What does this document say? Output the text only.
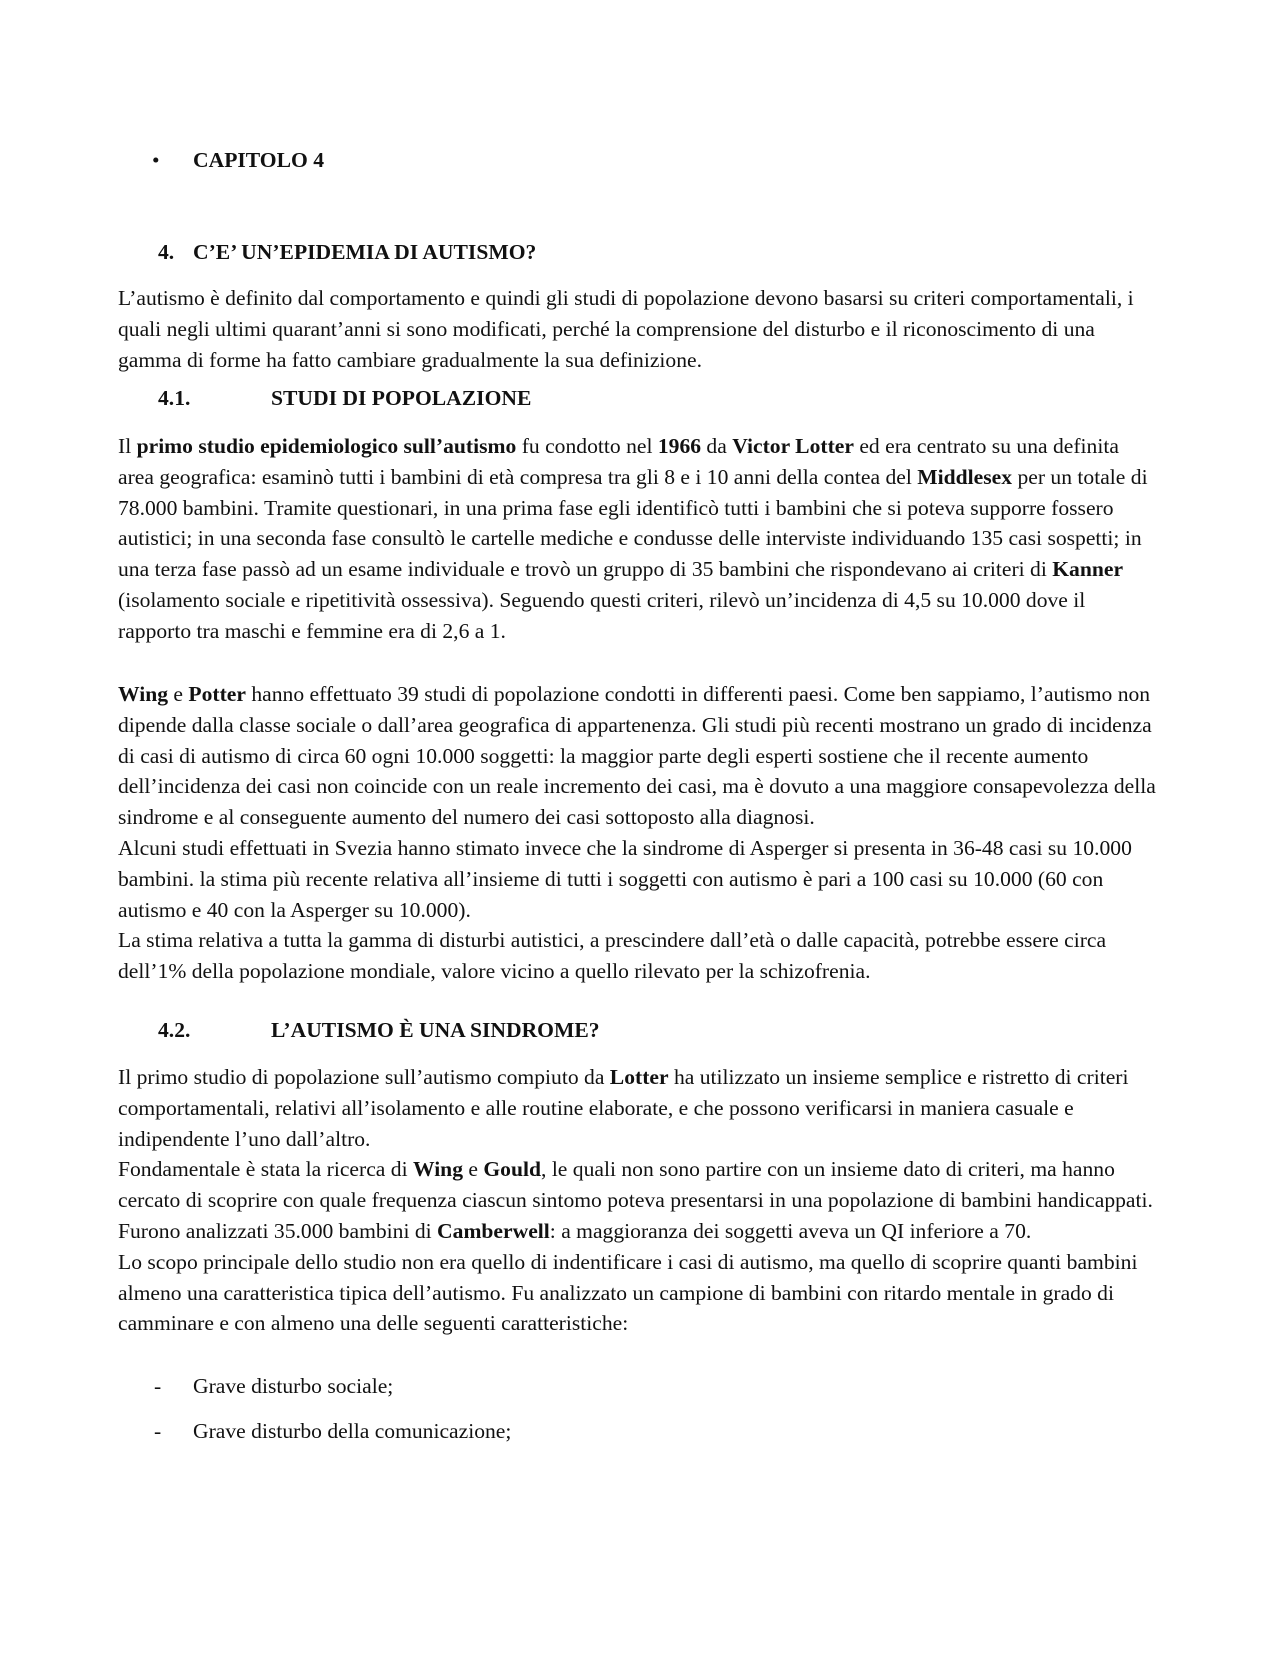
• CAPITOLO 4
4. C’E’ UN’EPIDEMIA DI AUTISMO?

L’autismo è definito dal comportamento e quindi gli studi di popolazione devono basarsi su criteri comportamentali, i quali negli ultimi quarant’anni si sono modificati, perché la comprensione del disturbo e il riconoscimento di una gamma di forme ha fatto cambiare gradualmente la sua definizione.

4.1.	STUDI DI POPOLAZIONE

Il primo studio epidemiologico sull’autismo fu condotto nel 1966 da Victor Lotter ed era centrato su una definita area geografica: esaminò tutti i bambini di età compresa tra gli 8 e i 10 anni della contea del Middlesex per un totale di 78.000 bambini. Tramite questionari, in una prima fase egli identificò tutti i bambini che si poteva supporre fossero autistici; in una seconda fase consultò le cartelle mediche e condusse delle interviste individuando 135 casi sospetti; in una terza fase passò ad un esame individuale e trovò un gruppo di 35 bambini che rispondevano ai criteri di Kanner (isolamento sociale e ripetitività ossessiva). Seguendo questi criteri, rilevò un’incidenza di 4,5 su 10.000 dove il rapporto tra maschi e femmine era di 2,6 a 1.

Wing e Potter hanno effettuato 39 studi di popolazione condotti in differenti paesi. Come ben sappiamo, l’autismo non dipende dalla classe sociale o dall’area geografica di appartenenza. Gli studi più recenti mostrano un grado di incidenza di casi di autismo di circa 60 ogni 10.000 soggetti: la maggior parte degli esperti sostiene che il recente aumento dell’incidenza dei casi non coincide con un reale incremento dei casi, ma è dovuto a una maggiore consapevolezza della sindrome e al conseguente aumento del numero dei casi sottoposto alla diagnosi.

Alcuni studi effettuati in Svezia hanno stimato invece che la sindrome di Asperger si presenta in 36-48 casi su 10.000 bambini. la stima più recente relativa all’insieme di tutti i soggetti con autismo è pari a 100 casi su 10.000 (60 con autismo e 40 con la Asperger su 10.000).

La stima relativa a tutta la gamma di disturbi autistici, a prescindere dall’età o dalle capacità, potrebbe essere circa dell’1% della popolazione mondiale, valore vicino a quello rilevato per la schizofrenia.

4.2.	L’AUTISMO È UNA SINDROME?

Il primo studio di popolazione sull’autismo compiuto da Lotter ha utilizzato un insieme semplice e ristretto di criteri comportamentali, relativi all’isolamento e alle routine elaborate, e che possono verificarsi in maniera casuale e indipendente l’uno dall’altro.

Fondamentale è stata la ricerca di Wing e Gould, le quali non sono partire con un insieme dato di criteri, ma hanno cercato di scoprire con quale frequenza ciascun sintomo poteva presentarsi in una popolazione di bambini handicappati. Furono analizzati 35.000 bambini di Camberwell: a maggioranza dei soggetti aveva un QI inferiore a 70.

Lo scopo principale dello studio non era quello di indentificare i casi di autismo, ma quello di scoprire quanti bambini almeno una caratteristica tipica dell’autismo. Fu analizzato un campione di bambini con ritardo mentale in grado di camminare e con almeno una delle seguenti caratteristiche:

- Grave disturbo sociale;
- Grave disturbo della comunicazione;
